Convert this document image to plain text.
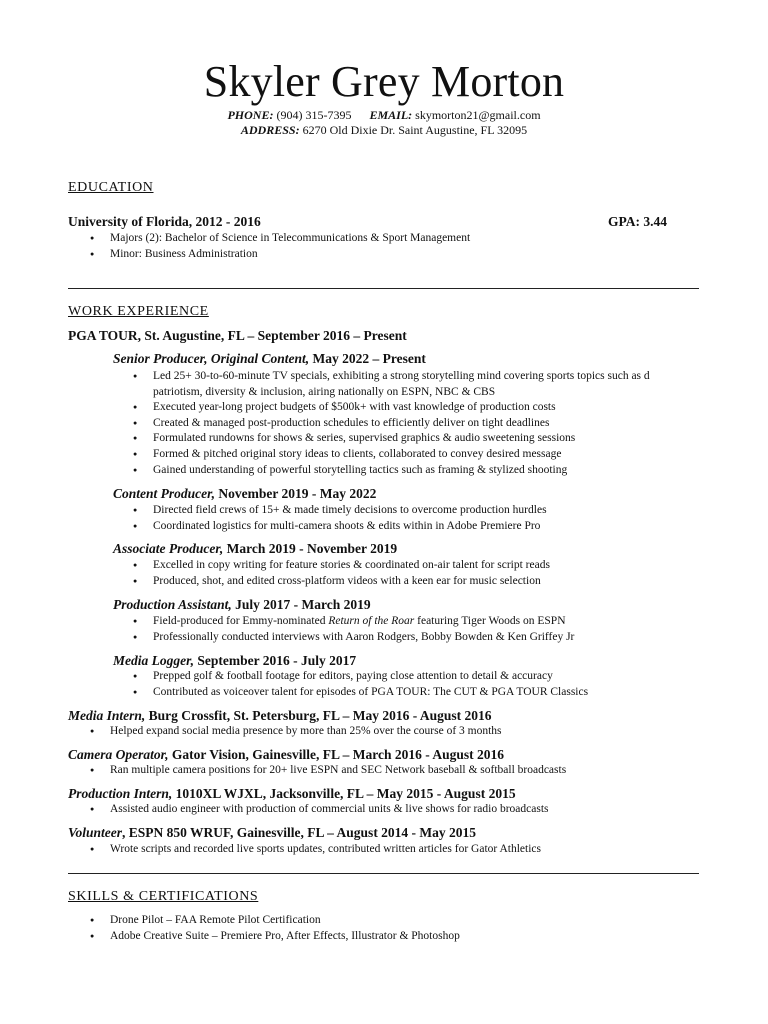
Skyler Grey Morton
PHONE: (904) 315-7395 EMAIL: skymorton21@gmail.com
ADDRESS: 6270 Old Dixie Dr. Saint Augustine, FL 32095
EDUCATION
University of Florida, 2012 - 2016	GPA: 3.44
● Majors (2): Bachelor of Science in Telecommunications & Sport Management
● Minor: Business Administration
WORK EXPERIENCE
PGA TOUR, St. Augustine, FL – September 2016 – Present
Senior Producer, Original Content, May 2022 – Present
● Led 25+ 30-to-60-minute TV specials, exhibiting a strong storytelling mind covering sports topics such as d
patriotism, diversity & inclusion, airing nationally on ESPN, NBC & CBS
● Executed year-long project budgets of $500k+ with vast knowledge of production costs
● Created & managed post-production schedules to efficiently deliver on tight deadlines
● Formulated rundowns for shows & series, supervised graphics & audio sweetening sessions
● Formed & pitched original story ideas to clients, collaborated to convey desired message
● Gained understanding of powerful storytelling tactics such as framing & stylized shooting
Content Producer, November 2019 - May 2022
● Directed field crews of 15+ & made timely decisions to overcome production hurdles
● Coordinated logistics for multi-camera shoots & edits within in Adobe Premiere Pro
Associate Producer, March 2019 - November 2019
● Excelled in copy writing for feature stories & coordinated on-air talent for script reads
● Produced, shot, and edited cross-platform videos with a keen ear for music selection
Production Assistant, July 2017 - March 2019
● Field-produced for Emmy-nominated Return of the Roar featuring Tiger Woods on ESPN
● Professionally conducted interviews with Aaron Rodgers, Bobby Bowden & Ken Griffey Jr
Media Logger, September 2016 - July 2017
● Prepped golf & football footage for editors, paying close attention to detail & accuracy
● Contributed as voiceover talent for episodes of PGA TOUR: The CUT & PGA TOUR Classics
Media Intern, Burg Crossfit, St. Petersburg, FL – May 2016 - August 2016
● Helped expand social media presence by more than 25% over the course of 3 months
Camera Operator, Gator Vision, Gainesville, FL – March 2016 - August 2016
● Ran multiple camera positions for 20+ live ESPN and SEC Network baseball & softball broadcasts
Production Intern, 1010XL WJXL, Jacksonville, FL – May 2015 - August 2015
● Assisted audio engineer with production of commercial units & live shows for radio broadcasts
Volunteer, ESPN 850 WRUF, Gainesville, FL – August 2014 - May 2015
● Wrote scripts and recorded live sports updates, contributed written articles for Gator Athletics
SKILLS & CERTIFICATIONS
● Drone Pilot – FAA Remote Pilot Certification
● Adobe Creative Suite – Premiere Pro, After Effects, Illustrator & Photoshop
